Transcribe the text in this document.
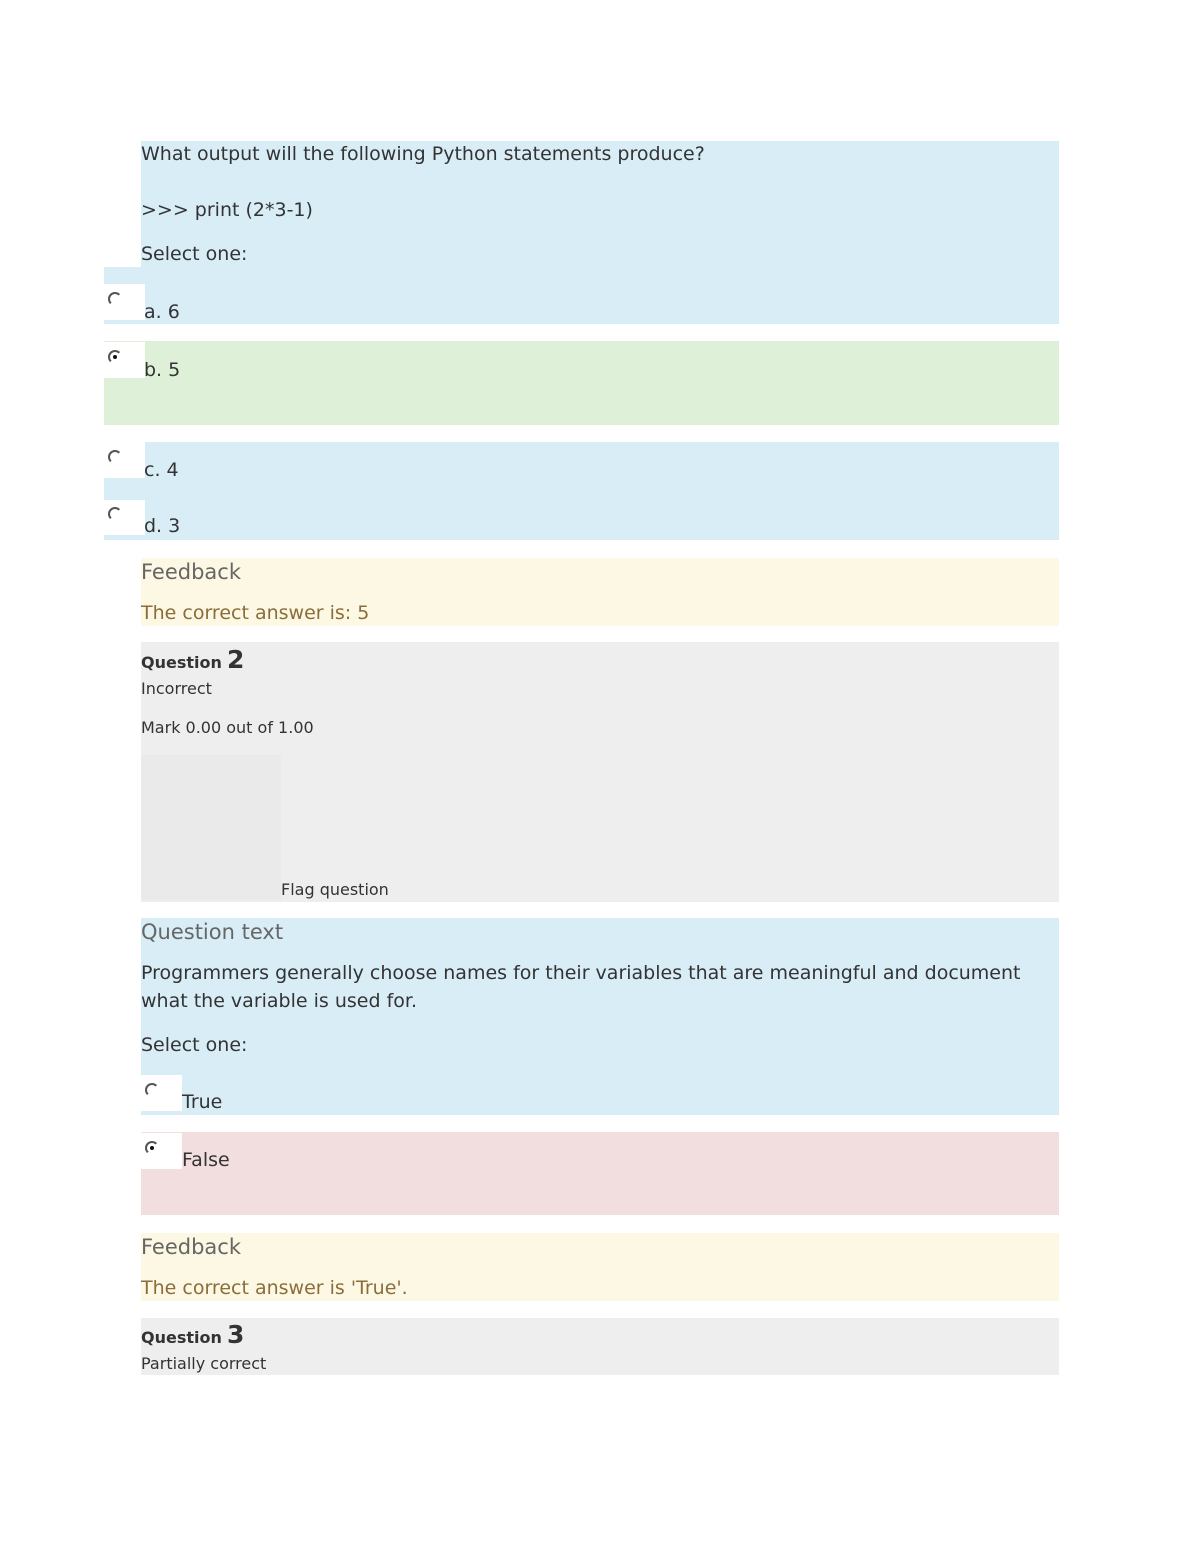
What output will the following Python statements produce?
>>> print (2*3-1)
Select one:
a. 6
b. 5
c. 4
d. 3
Feedback
The correct answer is: 5
Question 2
Incorrect
Mark 0.00 out of 1.00
Flag question
Question text
Programmers generally choose names for their variables that are meaningful and document
what the variable is used for.
Select one:
True
False
Feedback
The correct answer is 'True'.
Question 3
Partially correct
